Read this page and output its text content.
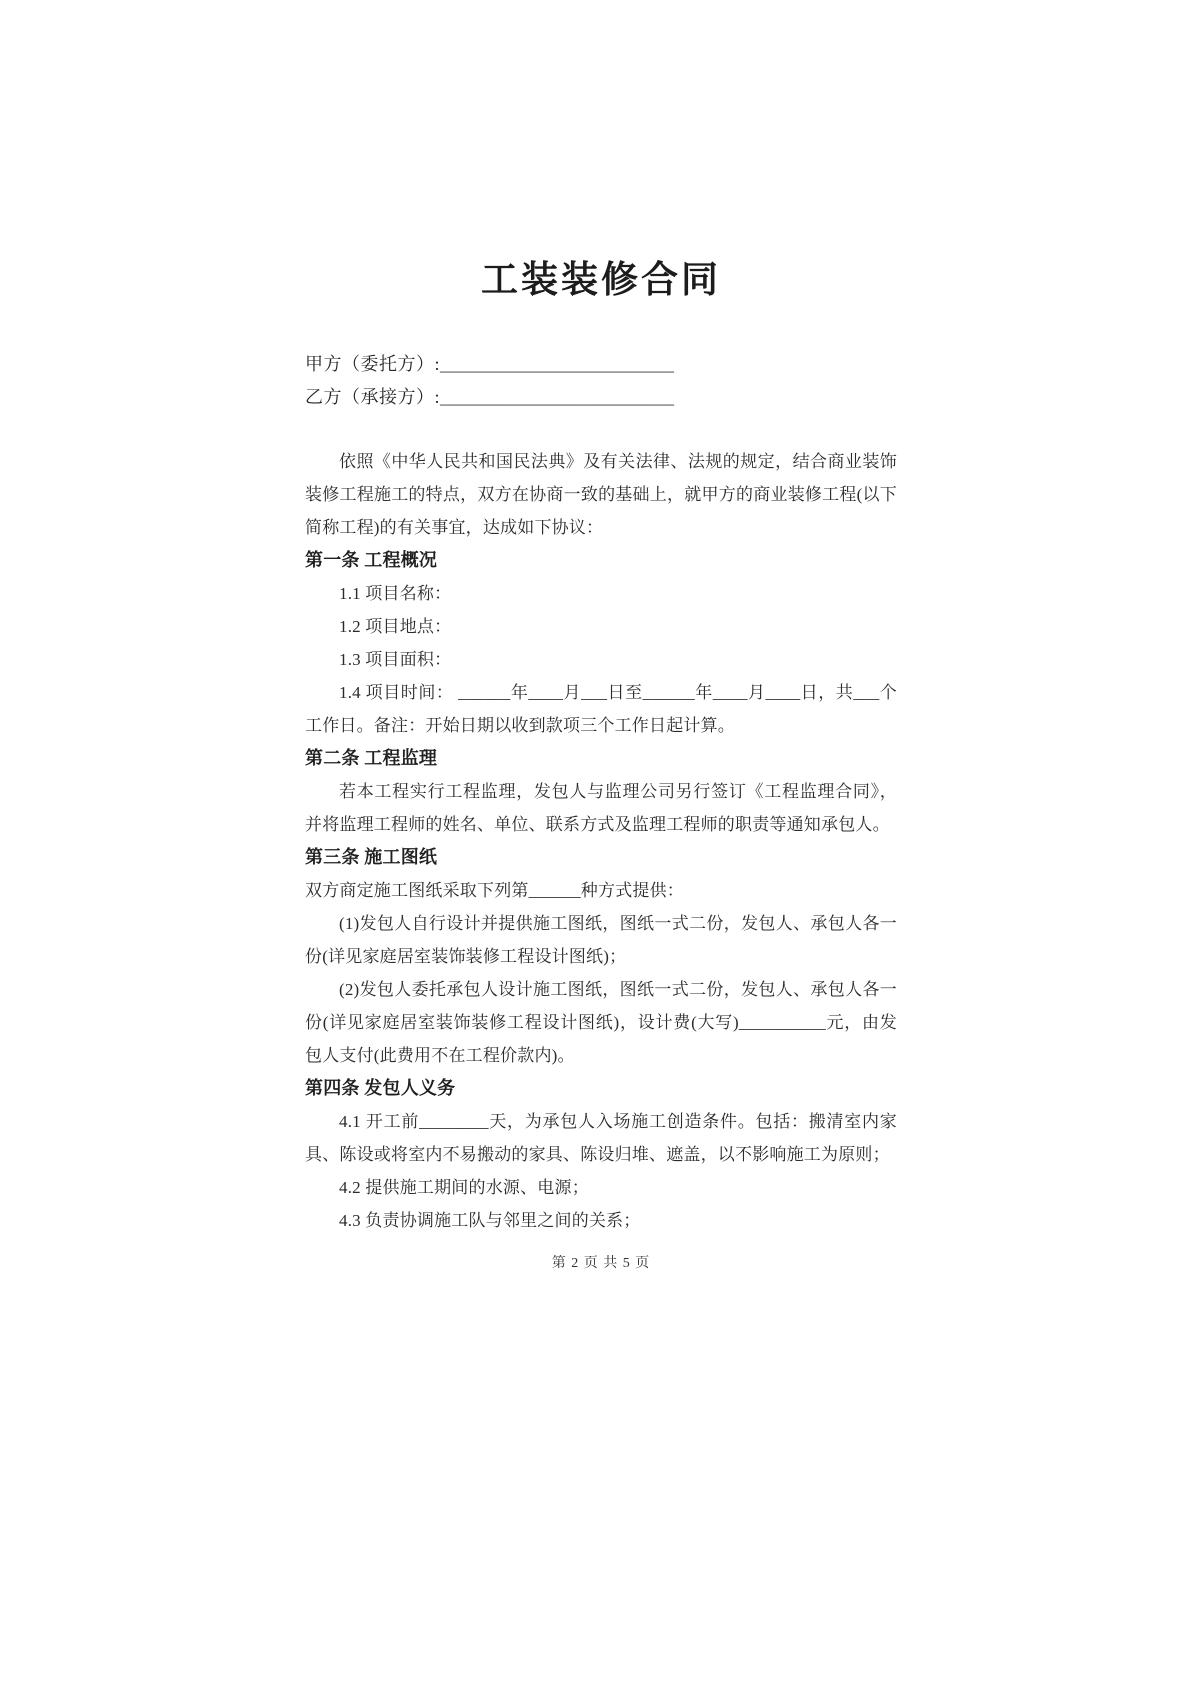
工装装修合同
甲方（委托方）:__________________________
乙方（承接方）:__________________________

依照《中华人民共和国民法典》及有关法律、法规的规定，结合商业装饰装修工程施工的特点，双方在协商一致的基础上，就甲方的商业装修工程(以下简称工程)的有关事宜，达成如下协议：

第一条 工程概况

1.1 项目名称：

1.2 项目地点：

1.3 项目面积：

1.4 项目时间： ______年____月___日至______年____月____日，共___个工作日。备注：开始日期以收到款项三个工作日起计算。

第二条 工程监理

若本工程实行工程监理，发包人与监理公司另行签订《工程监理合同》，并将监理工程师的姓名、单位、联系方式及监理工程师的职责等通知承包人。

第三条 施工图纸

双方商定施工图纸采取下列第______种方式提供：

(1)发包人自行设计并提供施工图纸，图纸一式二份，发包人、承包人各一份(详见家庭居室装饰装修工程设计图纸)；

(2)发包人委托承包人设计施工图纸，图纸一式二份，发包人、承包人各一份(详见家庭居室装饰装修工程设计图纸)，设计费(大写)__________元，由发包人支付(此费用不在工程价款内)。

第四条 发包人义务

4.1 开工前________天，为承包人入场施工创造条件。包括：搬清室内家具、陈设或将室内不易搬动的家具、陈设归堆、遮盖，以不影响施工为原则；

4.2 提供施工期间的水源、电源；

4.3 负责协调施工队与邻里之间的关系；

第 2 页 共 5 页
